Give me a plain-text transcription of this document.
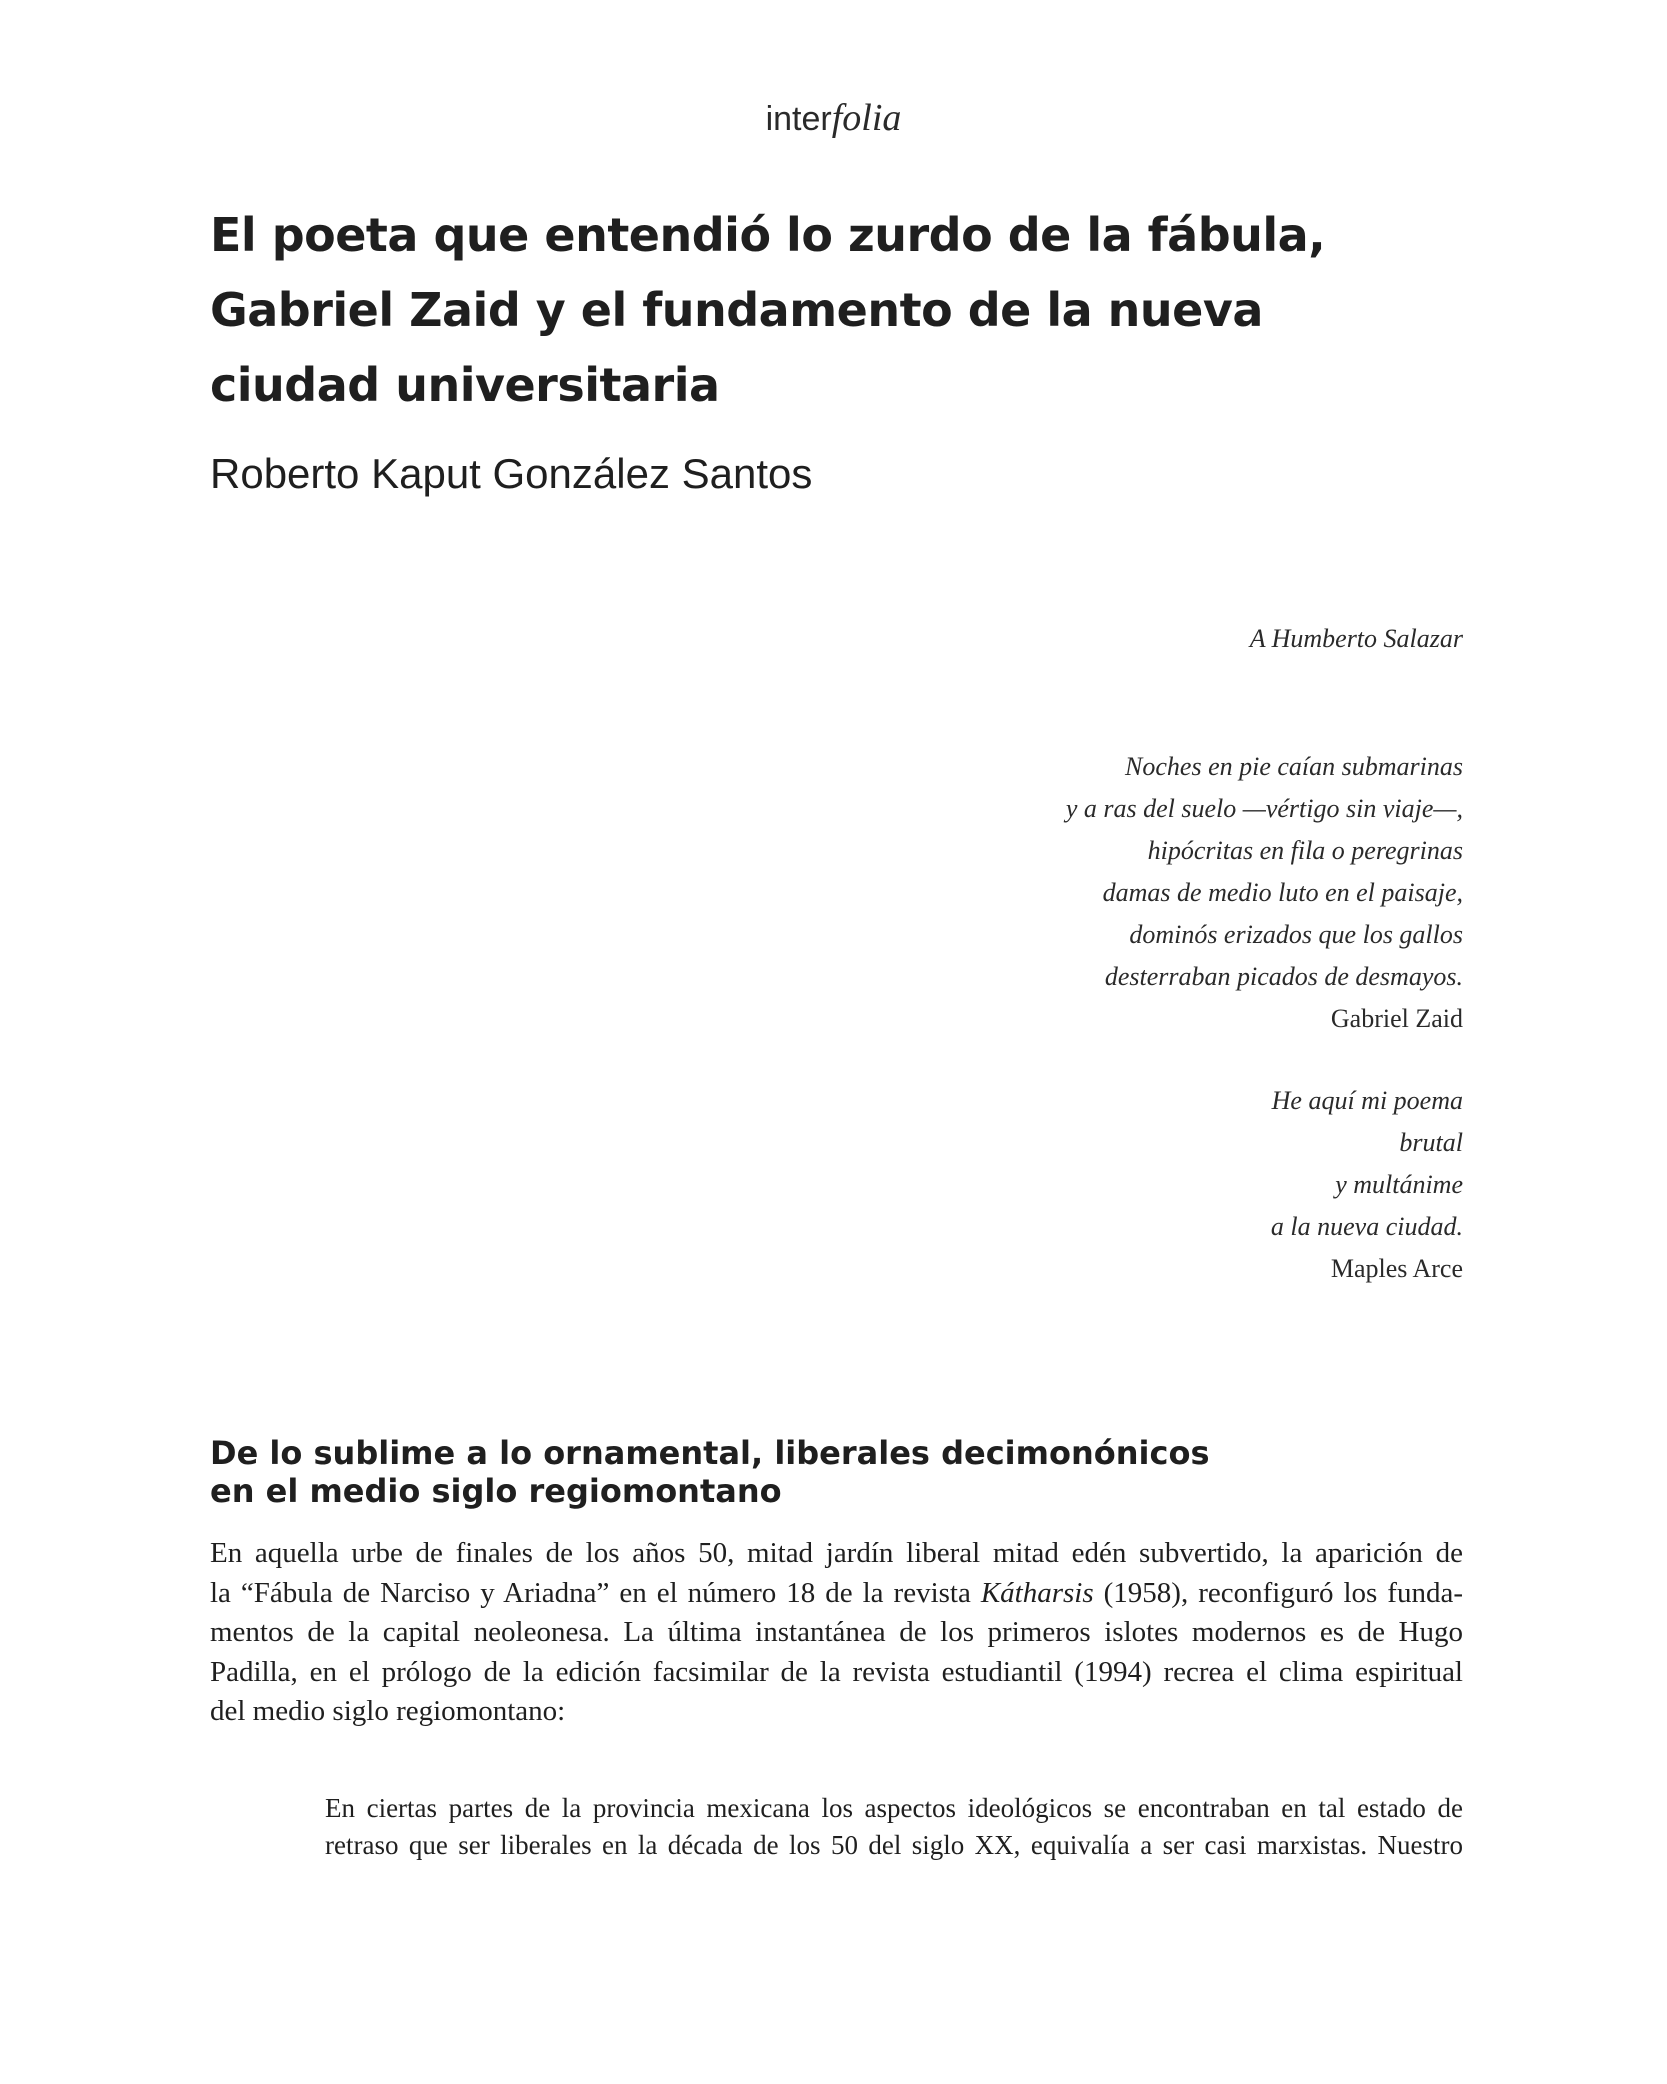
interfolia
El poeta que entendió lo zurdo de la fábula,
Gabriel Zaid y el fundamento de la nueva
ciudad universitaria
Roberto Kaput González Santos
A Humberto Salazar
Noches en pie caían submarinas
y a ras del suelo —vértigo sin viaje—,
hipócritas en fila o peregrinas
damas de medio luto en el paisaje,
dominós erizados que los gallos
desterraban picados de desmayos.
Gabriel Zaid
He aquí mi poema
brutal
y multánime
a la nueva ciudad.
Maples Arce
De lo sublime a lo ornamental, liberales decimonónicos
en el medio siglo regiomontano

En aquella urbe de finales de los años 50, mitad jardín liberal mitad edén subvertido, la aparición de
la “Fábula de Narciso y Ariadna” en el número 18 de la revista Kátharsis (1958), reconfiguró los funda-
mentos de la capital neoleonesa. La última instantánea de los primeros islotes modernos es de Hugo
Padilla, en el prólogo de la edición facsimilar de la revista estudiantil (1994) recrea el clima espiritual
del medio siglo regiomontano:

En ciertas partes de la provincia mexicana los aspectos ideológicos se encontraban en tal estado de
retraso que ser liberales en la década de los 50 del siglo XX, equivalía a ser casi marxistas. Nuestro
